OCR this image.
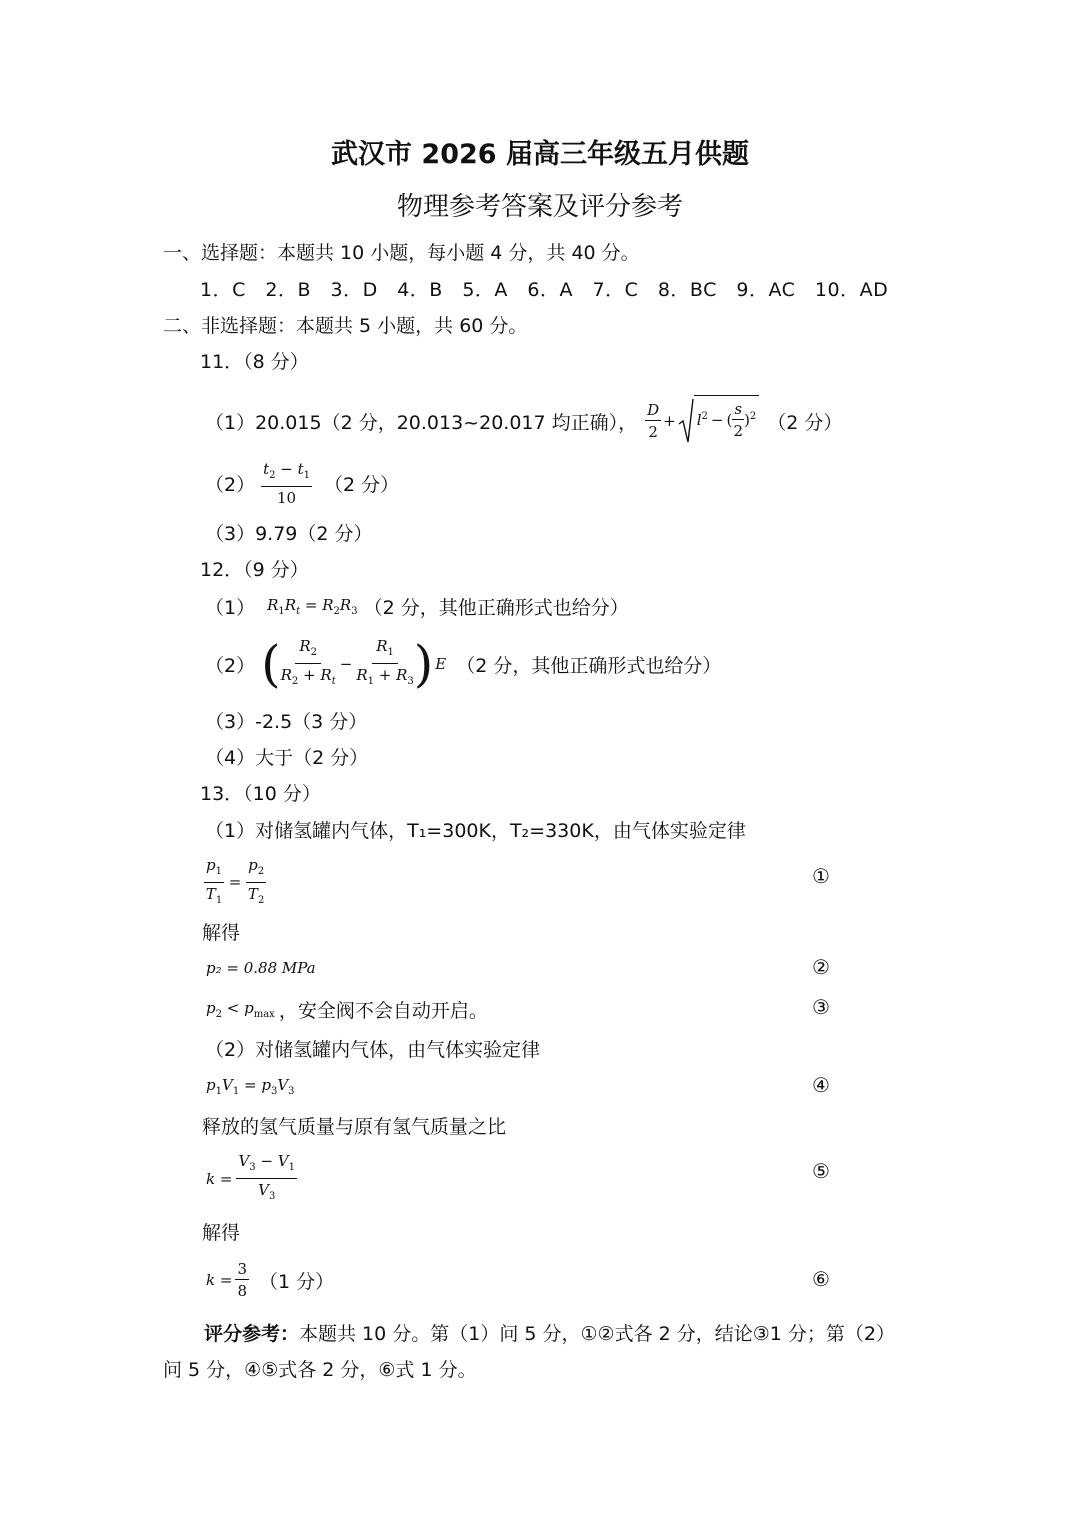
武汉市 2026 届高三年级五月供题
物理参考答案及评分参考
一、选择题：本题共 10 小题，每小题 4 分，共 40 分。
1．C　2．B　3．D　4．B　5．A　6．A　7．C　8．BC　9．AC　10．AD
二、非选择题：本题共 5 小题，共 60 分。
11．（8 分）
（1）20.015（2 分，20.013~20.017 均正确）， $\frac{D}{2} + l^2$ − ( $\frac{s}{2} )^2$ （2 分）
$(2) \frac{t_2 - t_1}{10} (2$ 分）
（3）9.79（2 分）
12．（9 分）
（1） $R_1R_t = R_2R_3$ （2 分，其他正确形式也给分）
（2） ( $\frac{R_2}{R_2 + R_t} - \frac{R_1}{R_1 + R_3}$ ) E （2 分，其他正确形式也给分）
（3）-2.5（3 分）
（4）大于（2 分）
13．（10 分）
（1）对储氢罐内气体，T₁=300K，T₂=330K，由气体实验定律
$\frac{p_1}{T_1} = \frac{p_2}{T_2}$	①
解得
p₂ = 0.88 MPa	②
$p_2 < p_{max}$ ，安全阀不会自动开启。	③
（2）对储氢罐内气体，由气体实验定律
$p_1V_1 = p_3V_3$	④
释放的氢气质量与原有氢气质量之比
$k = \frac{V_3 - V_1}{V_3}$	⑤
解得
$k = \frac{3}{8} (1$ 分）	⑥
评分参考：本题共 10 分。第（1）问 5 分，①②式各 2 分，结论③1 分；第（2）
问 5 分，④⑤式各 2 分，⑥式 1 分。
